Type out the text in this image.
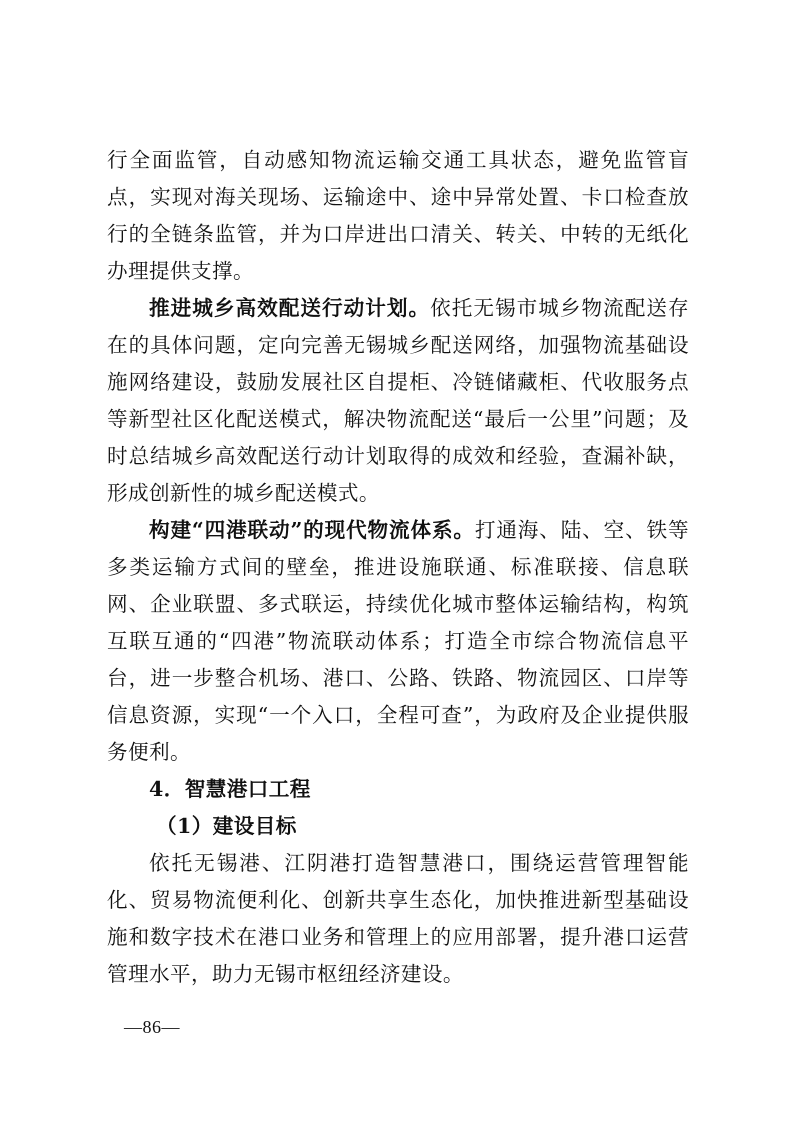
行全面监管，自动感知物流运输交通工具状态，避免监管盲点，实现对海关现场、运输途中、途中异常处置、卡口检查放行的全链条监管，并为口岸进出口清关、转关、中转的无纸化办理提供支撑。

推进城乡高效配送行动计划。依托无锡市城乡物流配送存在的具体问题，定向完善无锡城乡配送网络，加强物流基础设施网络建设，鼓励发展社区自提柜、冷链储藏柜、代收服务点等新型社区化配送模式，解决物流配送“最后一公里”问题；及时总结城乡高效配送行动计划取得的成效和经验，查漏补缺，形成创新性的城乡配送模式。

构建“四港联动”的现代物流体系。打通海、陆、空、铁等多类运输方式间的壁垒，推进设施联通、标准联接、信息联网、企业联盟、多式联运，持续优化城市整体运输结构，构筑互联互通的“四港”物流联动体系；打造全市综合物流信息平台，进一步整合机场、港口、公路、铁路、物流园区、口岸等信息资源，实现“一个入口，全程可查”，为政府及企业提供服务便利。

4．智慧港口工程

（1）建设目标

依托无锡港、江阴港打造智慧港口，围绕运营管理智能化、贸易物流便利化、创新共享生态化，加快推进新型基础设施和数字技术在港口业务和管理上的应用部署，提升港口运营管理水平，助力无锡市枢纽经济建设。

—86—
